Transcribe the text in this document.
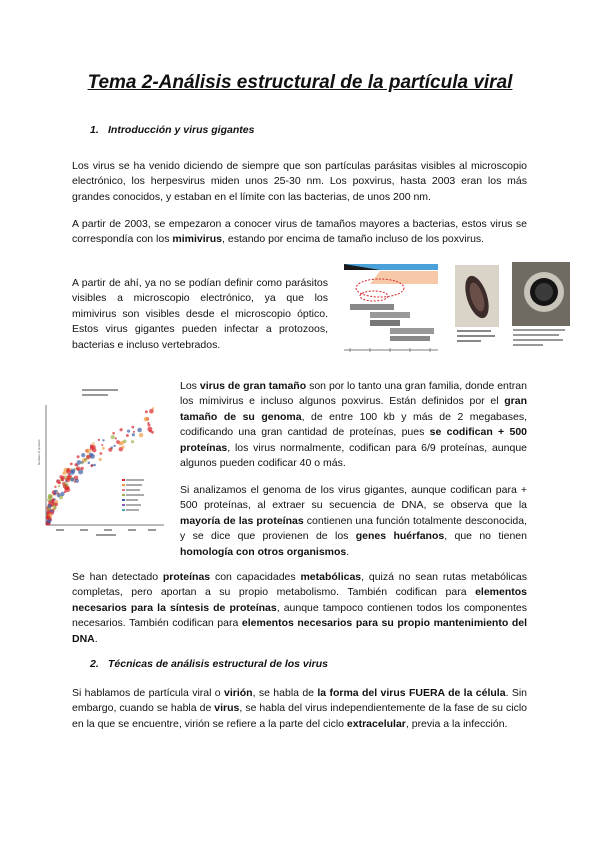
Tema 2-Análisis estructural de la partícula viral
1. Introducción y virus gigantes

Los virus se ha venido diciendo de siempre que son partículas parásitas visibles al microscopio electrónico, los herpesvirus miden unos 25-30 nm. Los poxvirus, hasta 2003 eran los más grandes conocidos, y estaban en el límite con las bacterias, de unos 200 nm.

A partir de 2003, se empezaron a conocer virus de tamaños mayores a bacterias, estos virus se correspondía con los mimivirus, estando por encima de tamaño incluso de los poxvirus.

A partir de ahí, ya no se podían definir como parásitos visibles a microscopio electrónico, ya que los mimivirus son visibles desde el microscopio óptico. Estos virus gigantes pueden infectar a protozoos, bacterias e incluso vertebrados.

Number of proteins

Los virus de gran tamaño son por lo tanto una gran familia, donde entran los mimivirus e incluso algunos poxvirus. Están definidos por el gran tamaño de su genoma, de entre 100 kb y más de 2 megabases, codificando una gran cantidad de proteínas, pues se codifican + 500 proteínas, los virus normalmente, codifican para 6/9 proteínas, aunque algunos pueden codificar 40 o más.

Si analizamos el genoma de los virus gigantes, aunque codifican para + 500 proteínas, al extraer su secuencia de DNA, se observa que la mayoría de las proteínas contienen una función totalmente desconocida, y se dice que provienen de los genes huérfanos, que no tienen homología con otros organismos.

Se han detectado proteínas con capacidades metabólicas, quizá no sean rutas metabólicas completas, pero aportan a su propio metabolismo. También codifican para elementos necesarios para la síntesis de proteínas, aunque tampoco contienen todos los componentes necesarios. También codifican para elementos necesarios para su propio mantenimiento del DNA.

2. Técnicas de análisis estructural de los virus

Si hablamos de partícula viral o virión, se habla de la forma del virus FUERA de la célula. Sin embargo, cuando se habla de virus, se habla del virus independientemente de la fase de su ciclo en la que se encuentre, virión se refiere a la parte del ciclo extracelular, previa a la infección.
